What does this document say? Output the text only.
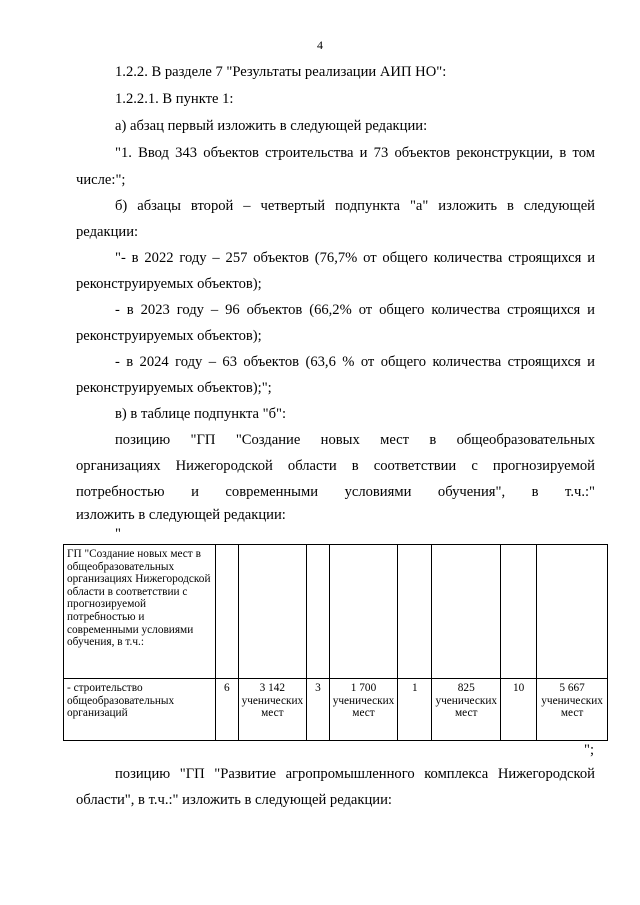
4
1.2.2. В разделе 7 "Результаты реализации АИП НО":
1.2.2.1. В пункте 1:
а) абзац первый изложить в следующей редакции:
"1. Ввод 343 объектов строительства и 73 объектов реконструкции, в том
числе:";
б) абзацы второй – четвертый подпункта "а" изложить в следующей
редакции:
"- в 2022 году – 257 объектов (76,7% от общего количества строящихся и
реконструируемых объектов);
- в 2023 году – 96 объектов (66,2% от общего количества строящихся и
реконструируемых объектов);
- в 2024 году – 63 объектов (63,6 % от общего количества строящихся и
реконструируемых объектов);";
в) в таблице подпункта "б":
позицию "ГП "Создание новых мест в общеобразовательных
организациях Нижегородской области в соответствии с прогнозируемой
потребностью и современными условиями обучения", в т.ч.:"
изложить в следующей редакции:
"
ГП "Создание новых мест в общеобразовательных организациях Нижегородской области в соответствии с прогнозируемой потребностью и современными условиями обучения, в т.ч.:								
- строительство общеобразовательных организаций	6	3 142 ученических мест	3	1 700 ученических мест	1	825 ученических мест	10	5 667 ученических мест
";
позицию "ГП "Развитие агропромышленного комплекса Нижегородской
области", в т.ч.:" изложить в следующей редакции:
